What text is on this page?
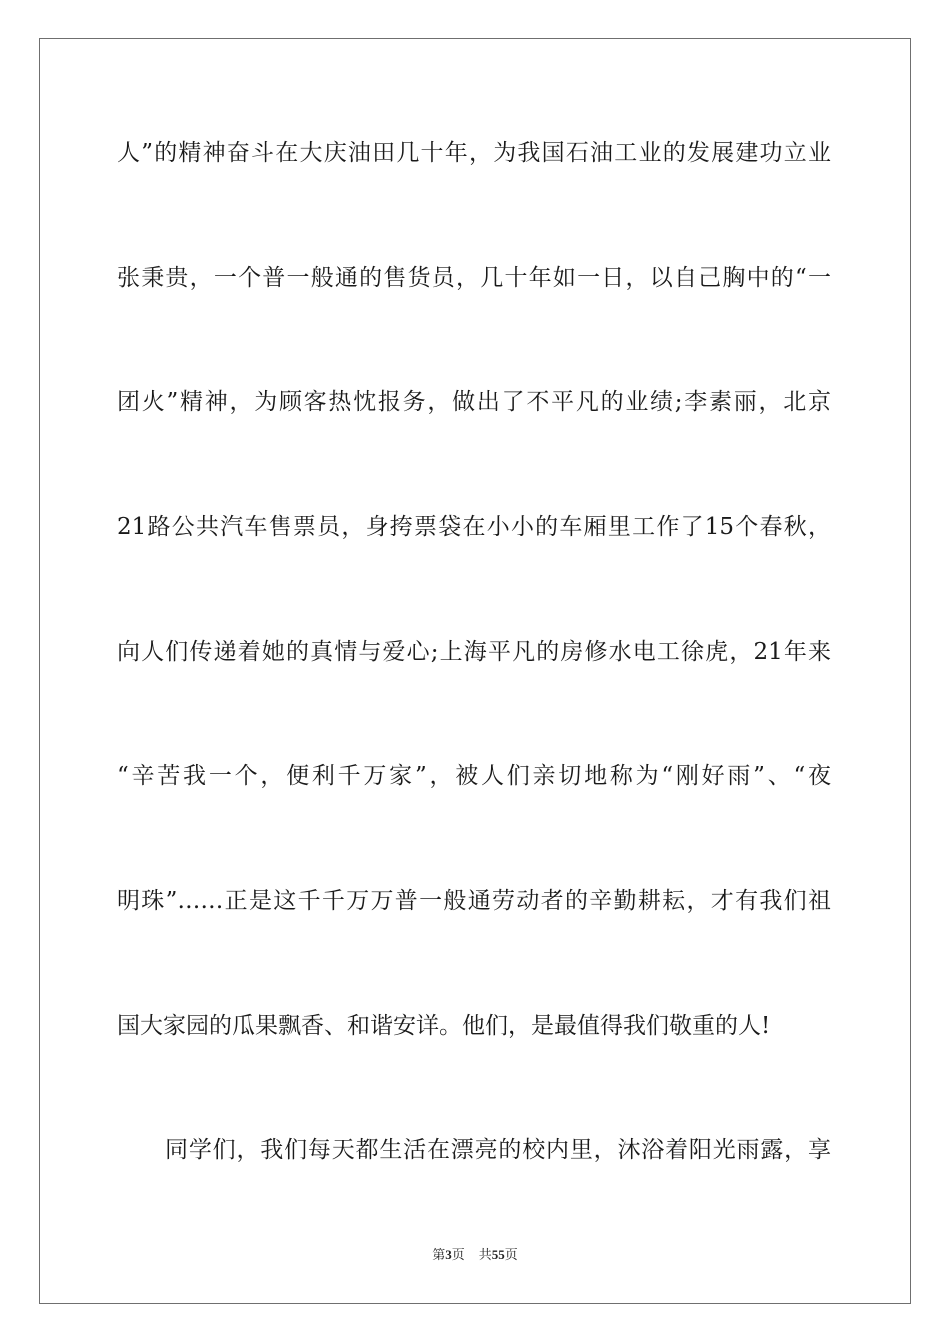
人”的精神奋斗在大庆油田几十年，为我国石油工业的发展建功立业
张秉贵，一个普一般通的售货员，几十年如一日，以自己胸中的“一
团火”精神，为顾客热忱报务，做出了不平凡的业绩;李素丽，北京
21路公共汽车售票员，身挎票袋在小小的车厢里工作了15个春秋，
向人们传递着她的真情与爱心;上海平凡的房修水电工徐虎，21年来
“辛苦我一个，便利千万家”，被人们亲切地称为“刚好雨”、“夜
明珠”……正是这千千万万普一般通劳动者的辛勤耕耘，才有我们祖
国大家园的瓜果飘香、和谐安详。他们，是最值得我们敬重的人!
同学们，我们每天都生活在漂亮的校内里，沐浴着阳光雨露，享
第3页 共55页
